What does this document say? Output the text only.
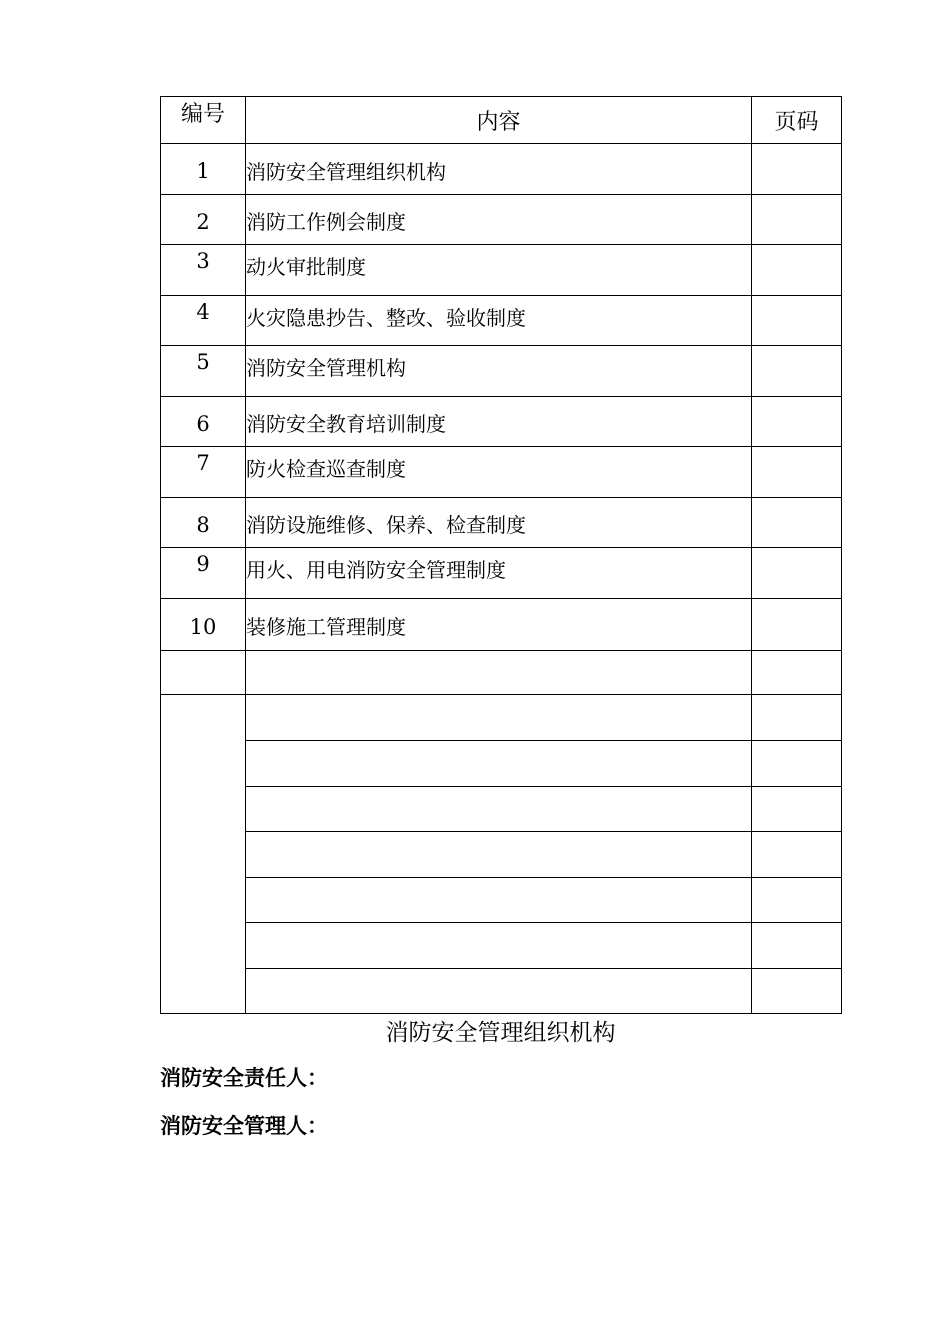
编号	内容	页码
1	消防安全管理组织机构	
2	消防工作例会制度	
3	动火审批制度	
4	火灾隐患抄告、整改、验收制度	
5	消防安全管理机构	
6	消防安全教育培训制度	
7	防火检查巡查制度	
8	消防设施维修、保养、检查制度	
9	用火、用电消防安全管理制度	
10	装修施工管理制度	

消防安全管理组织机构
消防安全责任人：
消防安全管理人：
